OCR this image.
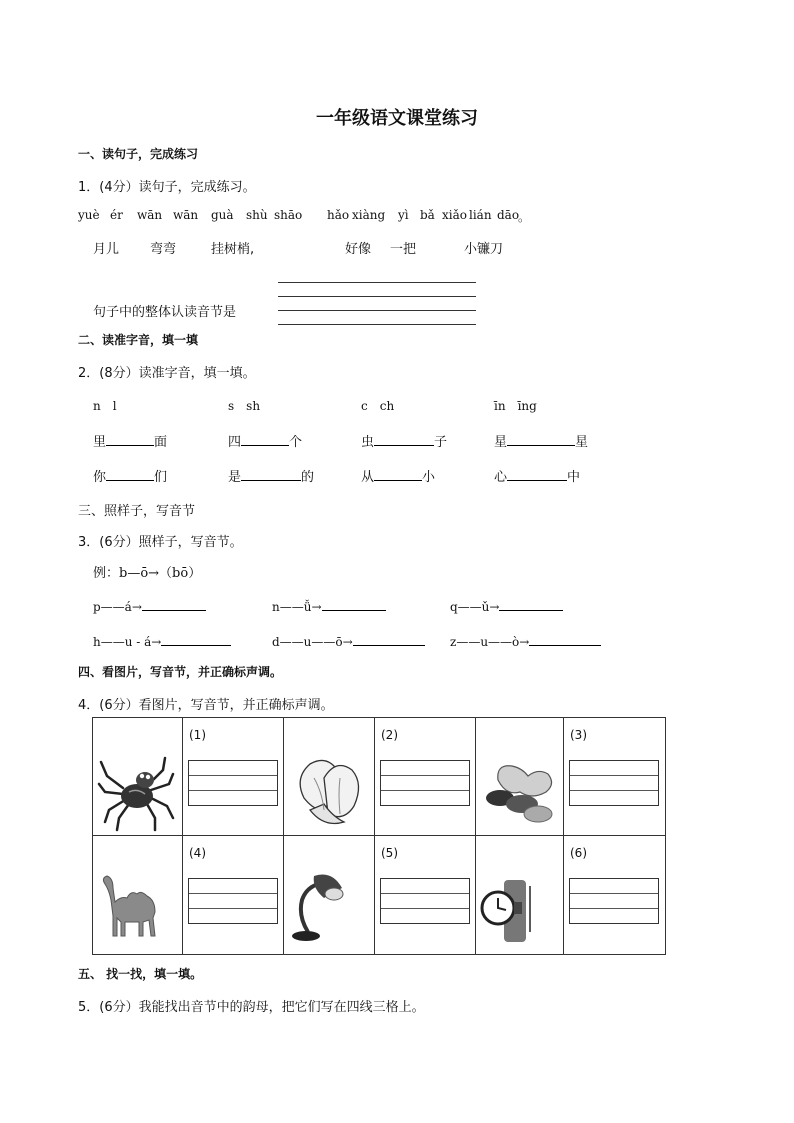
一年级语文课堂练习
一、读句子，完成练习
1．(4分）读句子，完成练习。
yuè ér wān wān guà shù shāo hǎo xiàng yì bǎ xiǎo lián dāo
。
月儿 弯弯	挂树梢,	好像 一把	小镰刀
句子中的整体认读音节是
二、读准字音，填一填
2．(8分）读准字音，填一填。
n　l	s　sh	c　ch	īn　īng
里	面	四	个	虫	子	星	星
你	们	是	的	从	小	心	中
三、照样子，写音节
3．(6分）照样子，写音节。
例：b—ō→（bō）
p——á→	n——ǚ→	q——ǔ→
h——u - á→	d——u——ō→	z——u——ò→
四、看图片，写音节，并正确标声调。
4．(6分）看图片，写音节，并正确标声调。

(1)		(2)		(3)

(4)		(5)		(6)
五、 找一找，填一填。
5．(6分）我能找出音节中的韵母，把它们写在四线三格上。
